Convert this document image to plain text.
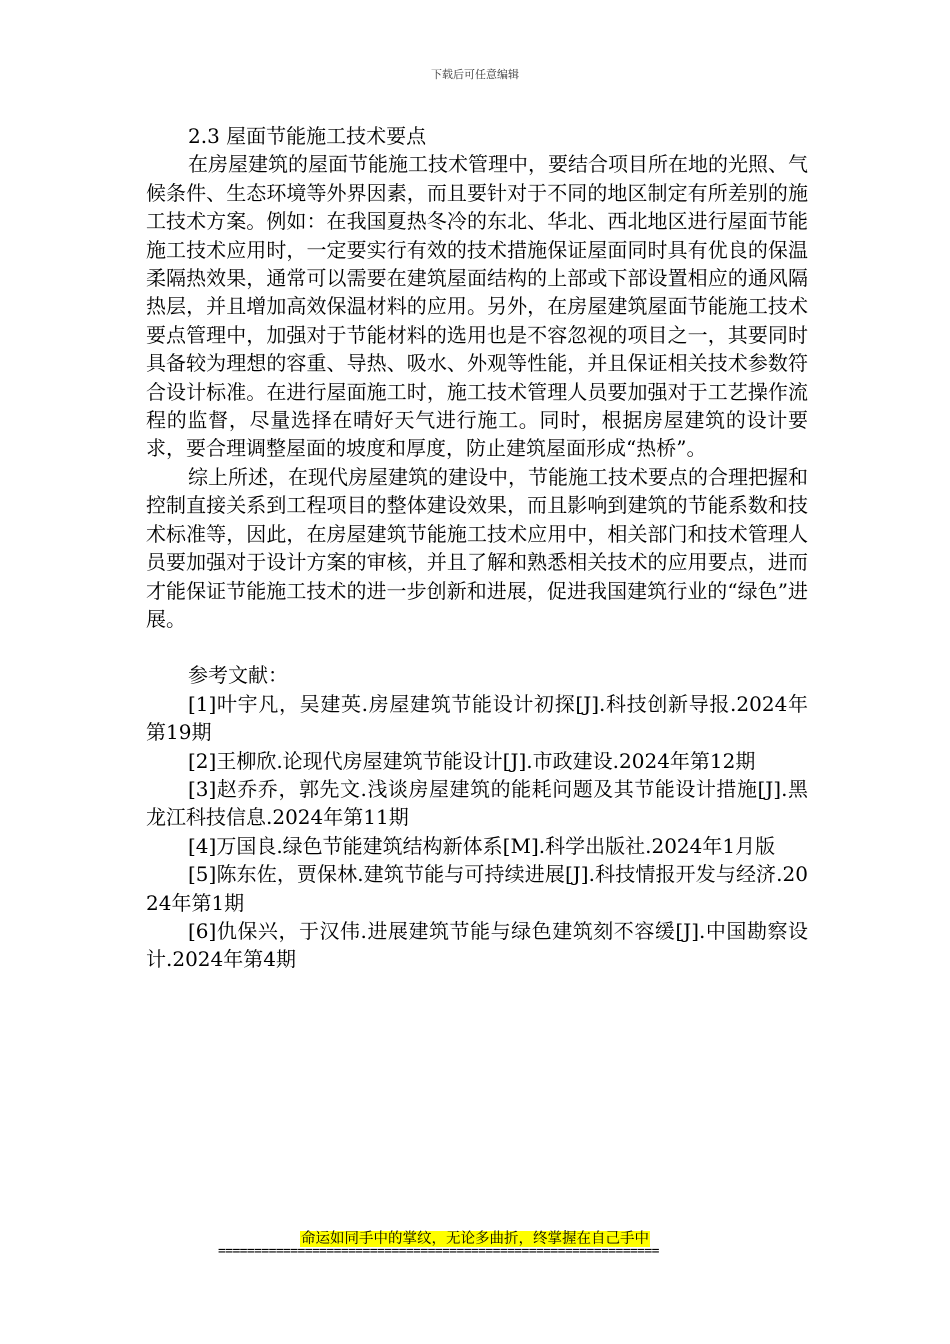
下载后可任意编辑

2.3 屋面节能施工技术要点

在房屋建筑的屋面节能施工技术管理中，要结合项目所在地的光照、气候条件、生态环境等外界因素，而且要针对于不同的地区制定有所差别的施工技术方案。例如：在我国夏热冬冷的东北、华北、西北地区进行屋面节能施工技术应用时，一定要实行有效的技术措施保证屋面同时具有优良的保温柔隔热效果，通常可以需要在建筑屋面结构的上部或下部设置相应的通风隔热层，并且增加高效保温材料的应用。另外，在房屋建筑屋面节能施工技术要点管理中，加强对于节能材料的选用也是不容忽视的项目之一，其要同时具备较为理想的容重、导热、吸水、外观等性能，并且保证相关技术参数符合设计标准。在进行屋面施工时，施工技术管理人员要加强对于工艺操作流程的监督，尽量选择在晴好天气进行施工。同时，根据房屋建筑的设计要求，要合理调整屋面的坡度和厚度，防止建筑屋面形成“热桥”。

综上所述，在现代房屋建筑的建设中，节能施工技术要点的合理把握和控制直接关系到工程项目的整体建设效果，而且影响到建筑的节能系数和技术标准等，因此，在房屋建筑节能施工技术应用中，相关部门和技术管理人员要加强对于设计方案的审核，并且了解和熟悉相关技术的应用要点，进而才能保证节能施工技术的进一步创新和进展，促进我国建筑行业的“绿色”进展。

参考文献：

[1]叶宇凡，吴建英.房屋建筑节能设计初探[J].科技创新导报.2024年第19期

[2]王柳欣.论现代房屋建筑节能设计[J].市政建设.2024年第12期

[3]赵乔乔，郭先文.浅谈房屋建筑的能耗问题及其节能设计措施[J].黑龙江科技信息.2024年第11期

[4]万国良.绿色节能建筑结构新体系[M].科学出版社.2024年1月版

[5]陈东佐，贾保林.建筑节能与可持续进展[J].科技情报开发与经济.2024年第1期

[6]仇保兴，于汉伟.进展建筑节能与绿色建筑刻不容缓[J].中国勘察设计.2024年第4期

命运如同手中的掌纹，无论多曲折，终掌握在自己手中
=============================================================
